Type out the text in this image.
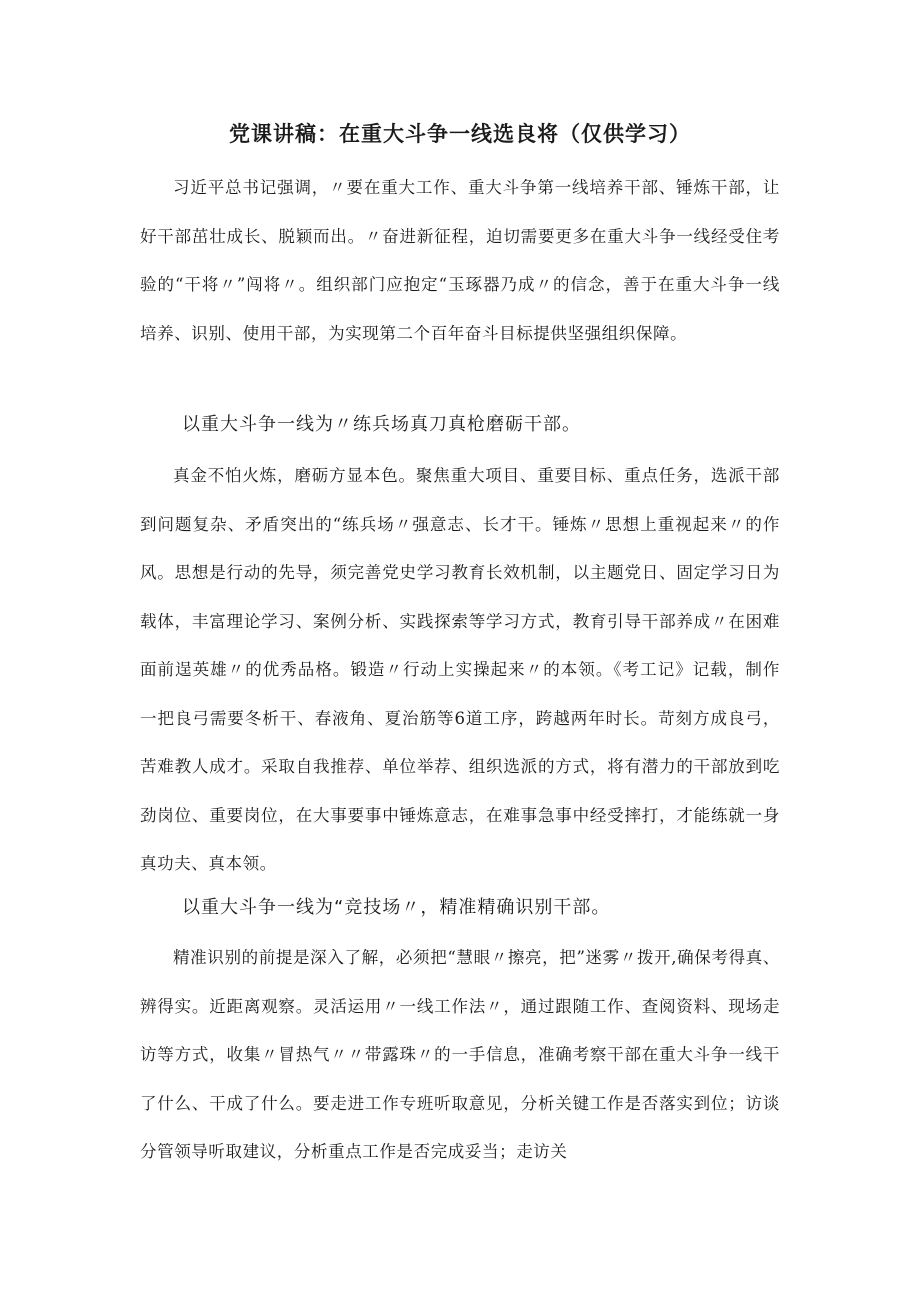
党课讲稿：在重大斗争一线选良将（仅供学习）

习近平总书记强调，〃要在重大工作、重大斗争第一线培养干部、锤炼干部，让好干部茁壮成长、脱颖而出。〃奋进新征程，迫切需要更多在重大斗争一线经受住考验的“干将〃”闯将〃。组织部门应抱定“玉琢器乃成〃的信念，善于在重大斗争一线培养、识别、使用干部，为实现第二个百年奋斗目标提供坚强组织保障。

以重大斗争一线为〃练兵场真刀真枪磨砺干部。

真金不怕火炼，磨砺方显本色。聚焦重大项目、重要目标、重点任务，选派干部到问题复杂、矛盾突出的“练兵场〃强意志、长才干。锤炼〃思想上重视起来〃的作风。思想是行动的先导，须完善党史学习教育长效机制，以主题党日、固定学习日为载体，丰富理论学习、案例分析、实践探索等学习方式，教育引导干部养成〃在困难面前逞英雄〃的优秀品格。锻造〃行动上实操起来〃的本领。《考工记》记载，制作一把良弓需要冬析干、春液角、夏治筋等6道工序，跨越两年时长。苛刻方成良弓，苦难教人成才。采取自我推荐、单位举荐、组织选派的方式，将有潜力的干部放到吃劲岗位、重要岗位，在大事要事中锤炼意志，在难事急事中经受摔打，才能练就一身真功夫、真本领。

以重大斗争一线为“竞技场〃，精准精确识别干部。

精准识别的前提是深入了解，必须把“慧眼〃擦亮，把”迷雾〃拨开,确保考得真、辨得实。近距离观察。灵活运用〃一线工作法〃，通过跟随工作、查阅资料、现场走访等方式，收集〃冒热气〃〃带露珠〃的一手信息，准确考察干部在重大斗争一线干了什么、干成了什么。要走进工作专班听取意见，分析关键工作是否落实到位；访谈分管领导听取建议，分析重点工作是否完成妥当；走访关
